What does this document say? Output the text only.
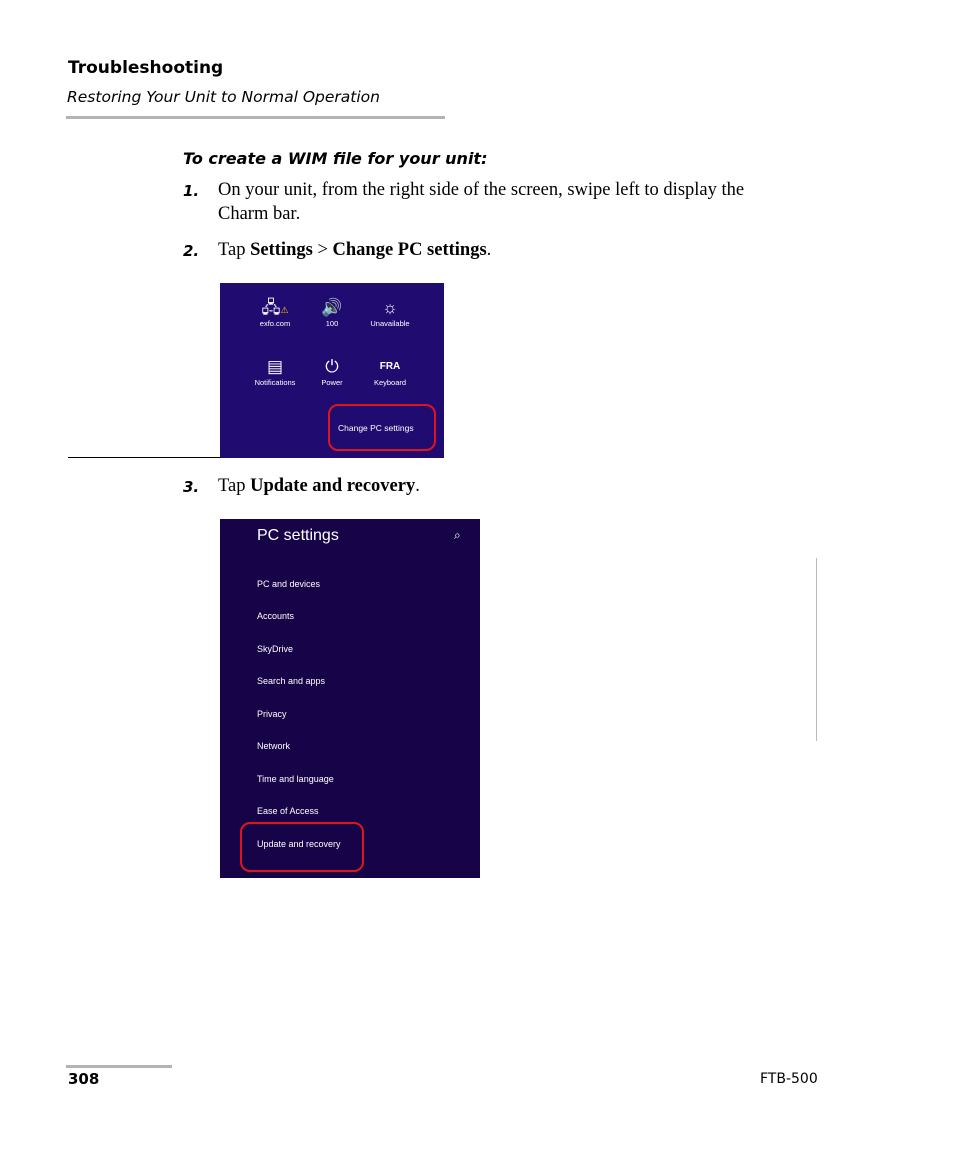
Troubleshooting
Restoring Your Unit to Normal Operation
To create a WIM file for your unit:
1. On your unit, from the right side of the screen, swipe left to display the
Charm bar.
2. Tap Settings > Change PC settings.
🖧⚠
exfo.com
🔊
100
☼
Unavailable
▤
Notifications
⏻
Power
FRA
Keyboard
Change PC settings
3. Tap Update and recovery.
PC settings	⌕
PC and devices
Accounts
SkyDrive
Search and apps
Privacy
Network
Time and language
Ease of Access
Update and recovery
308	FTB-500
